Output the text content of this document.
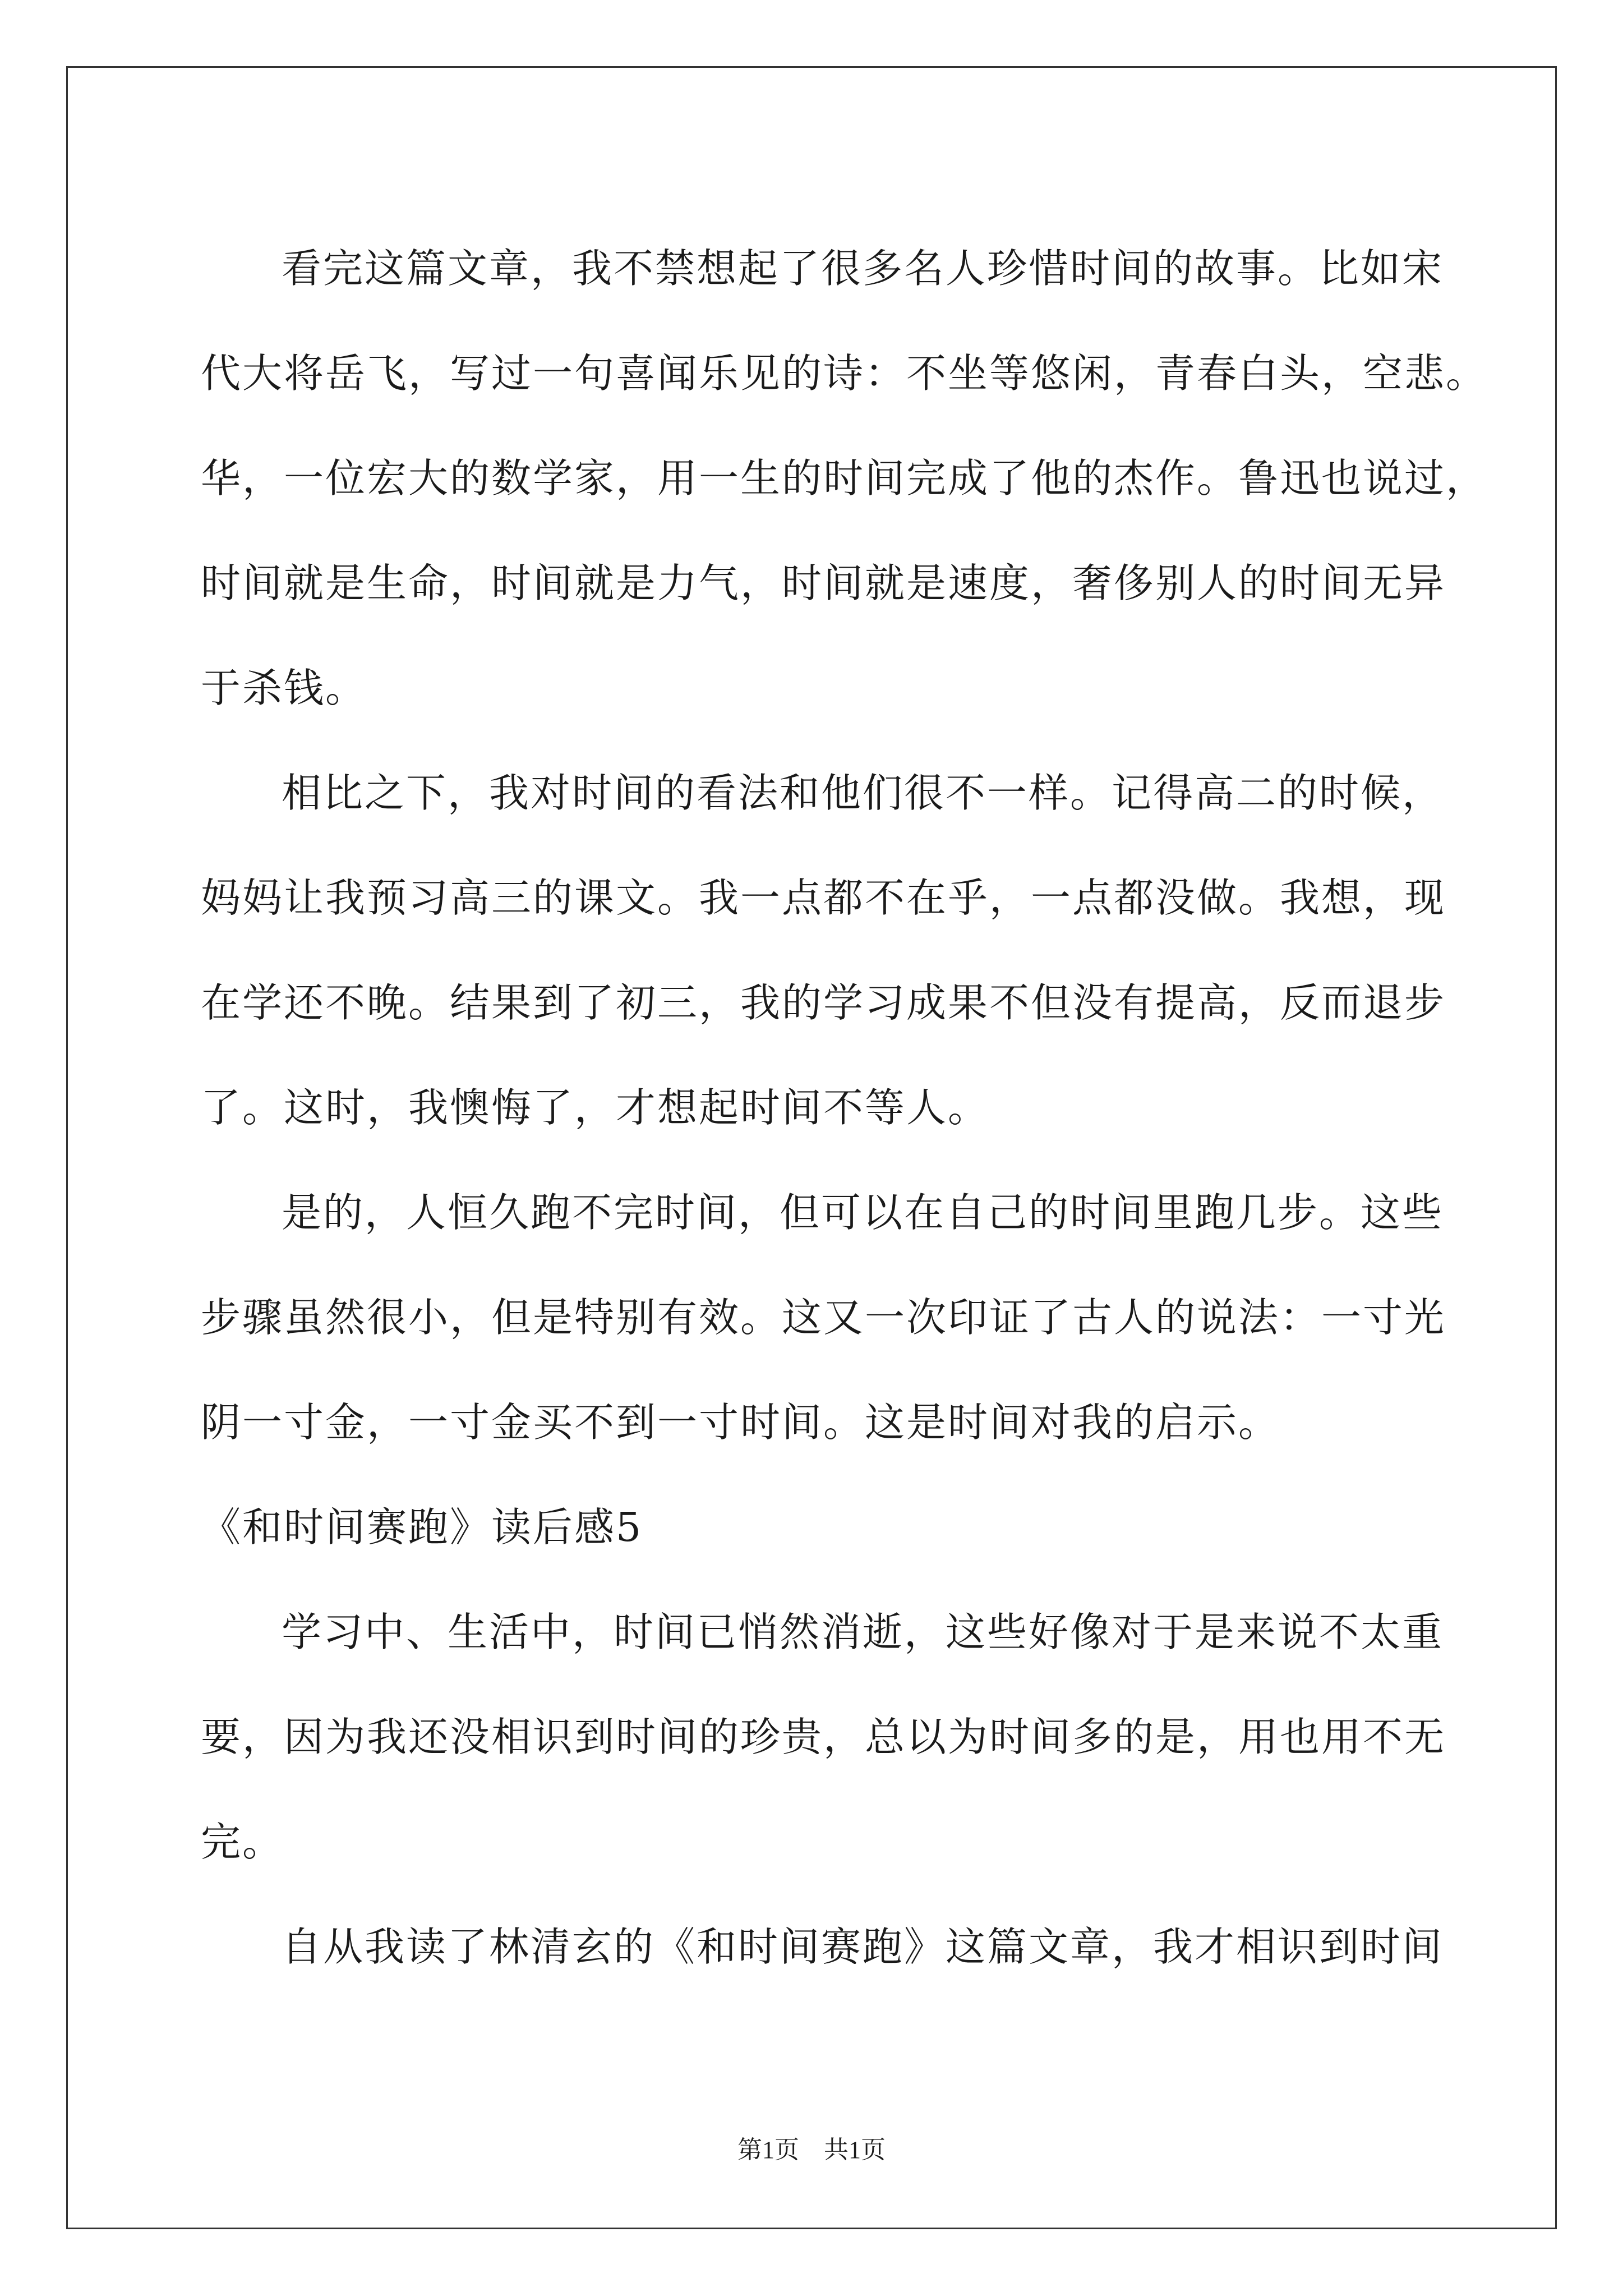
看完这篇文章，我不禁想起了很多名人珍惜时间的故事。比如宋
代大将岳飞，写过一句喜闻乐见的诗：不坐等悠闲，青春白头，空悲。
华，一位宏大的数学家，用一生的时间完成了他的杰作。鲁迅也说过，
时间就是生命，时间就是力气，时间就是速度，奢侈别人的时间无异
于杀钱。
相比之下，我对时间的看法和他们很不一样。记得高二的时候，
妈妈让我预习高三的课文。我一点都不在乎，一点都没做。我想，现
在学还不晚。结果到了初三，我的学习成果不但没有提高，反而退步
了。这时，我懊悔了，才想起时间不等人。
是的，人恒久跑不完时间，但可以在自己的时间里跑几步。这些
步骤虽然很小，但是特别有效。这又一次印证了古人的说法：一寸光
阴一寸金，一寸金买不到一寸时间。这是时间对我的启示。
《和时间赛跑》读后感5
学习中、生活中，时间已悄然消逝，这些好像对于是来说不太重
要，因为我还没相识到时间的珍贵，总以为时间多的是，用也用不无
完。
自从我读了林清玄的《和时间赛跑》这篇文章，我才相识到时间
第1页 共1页
